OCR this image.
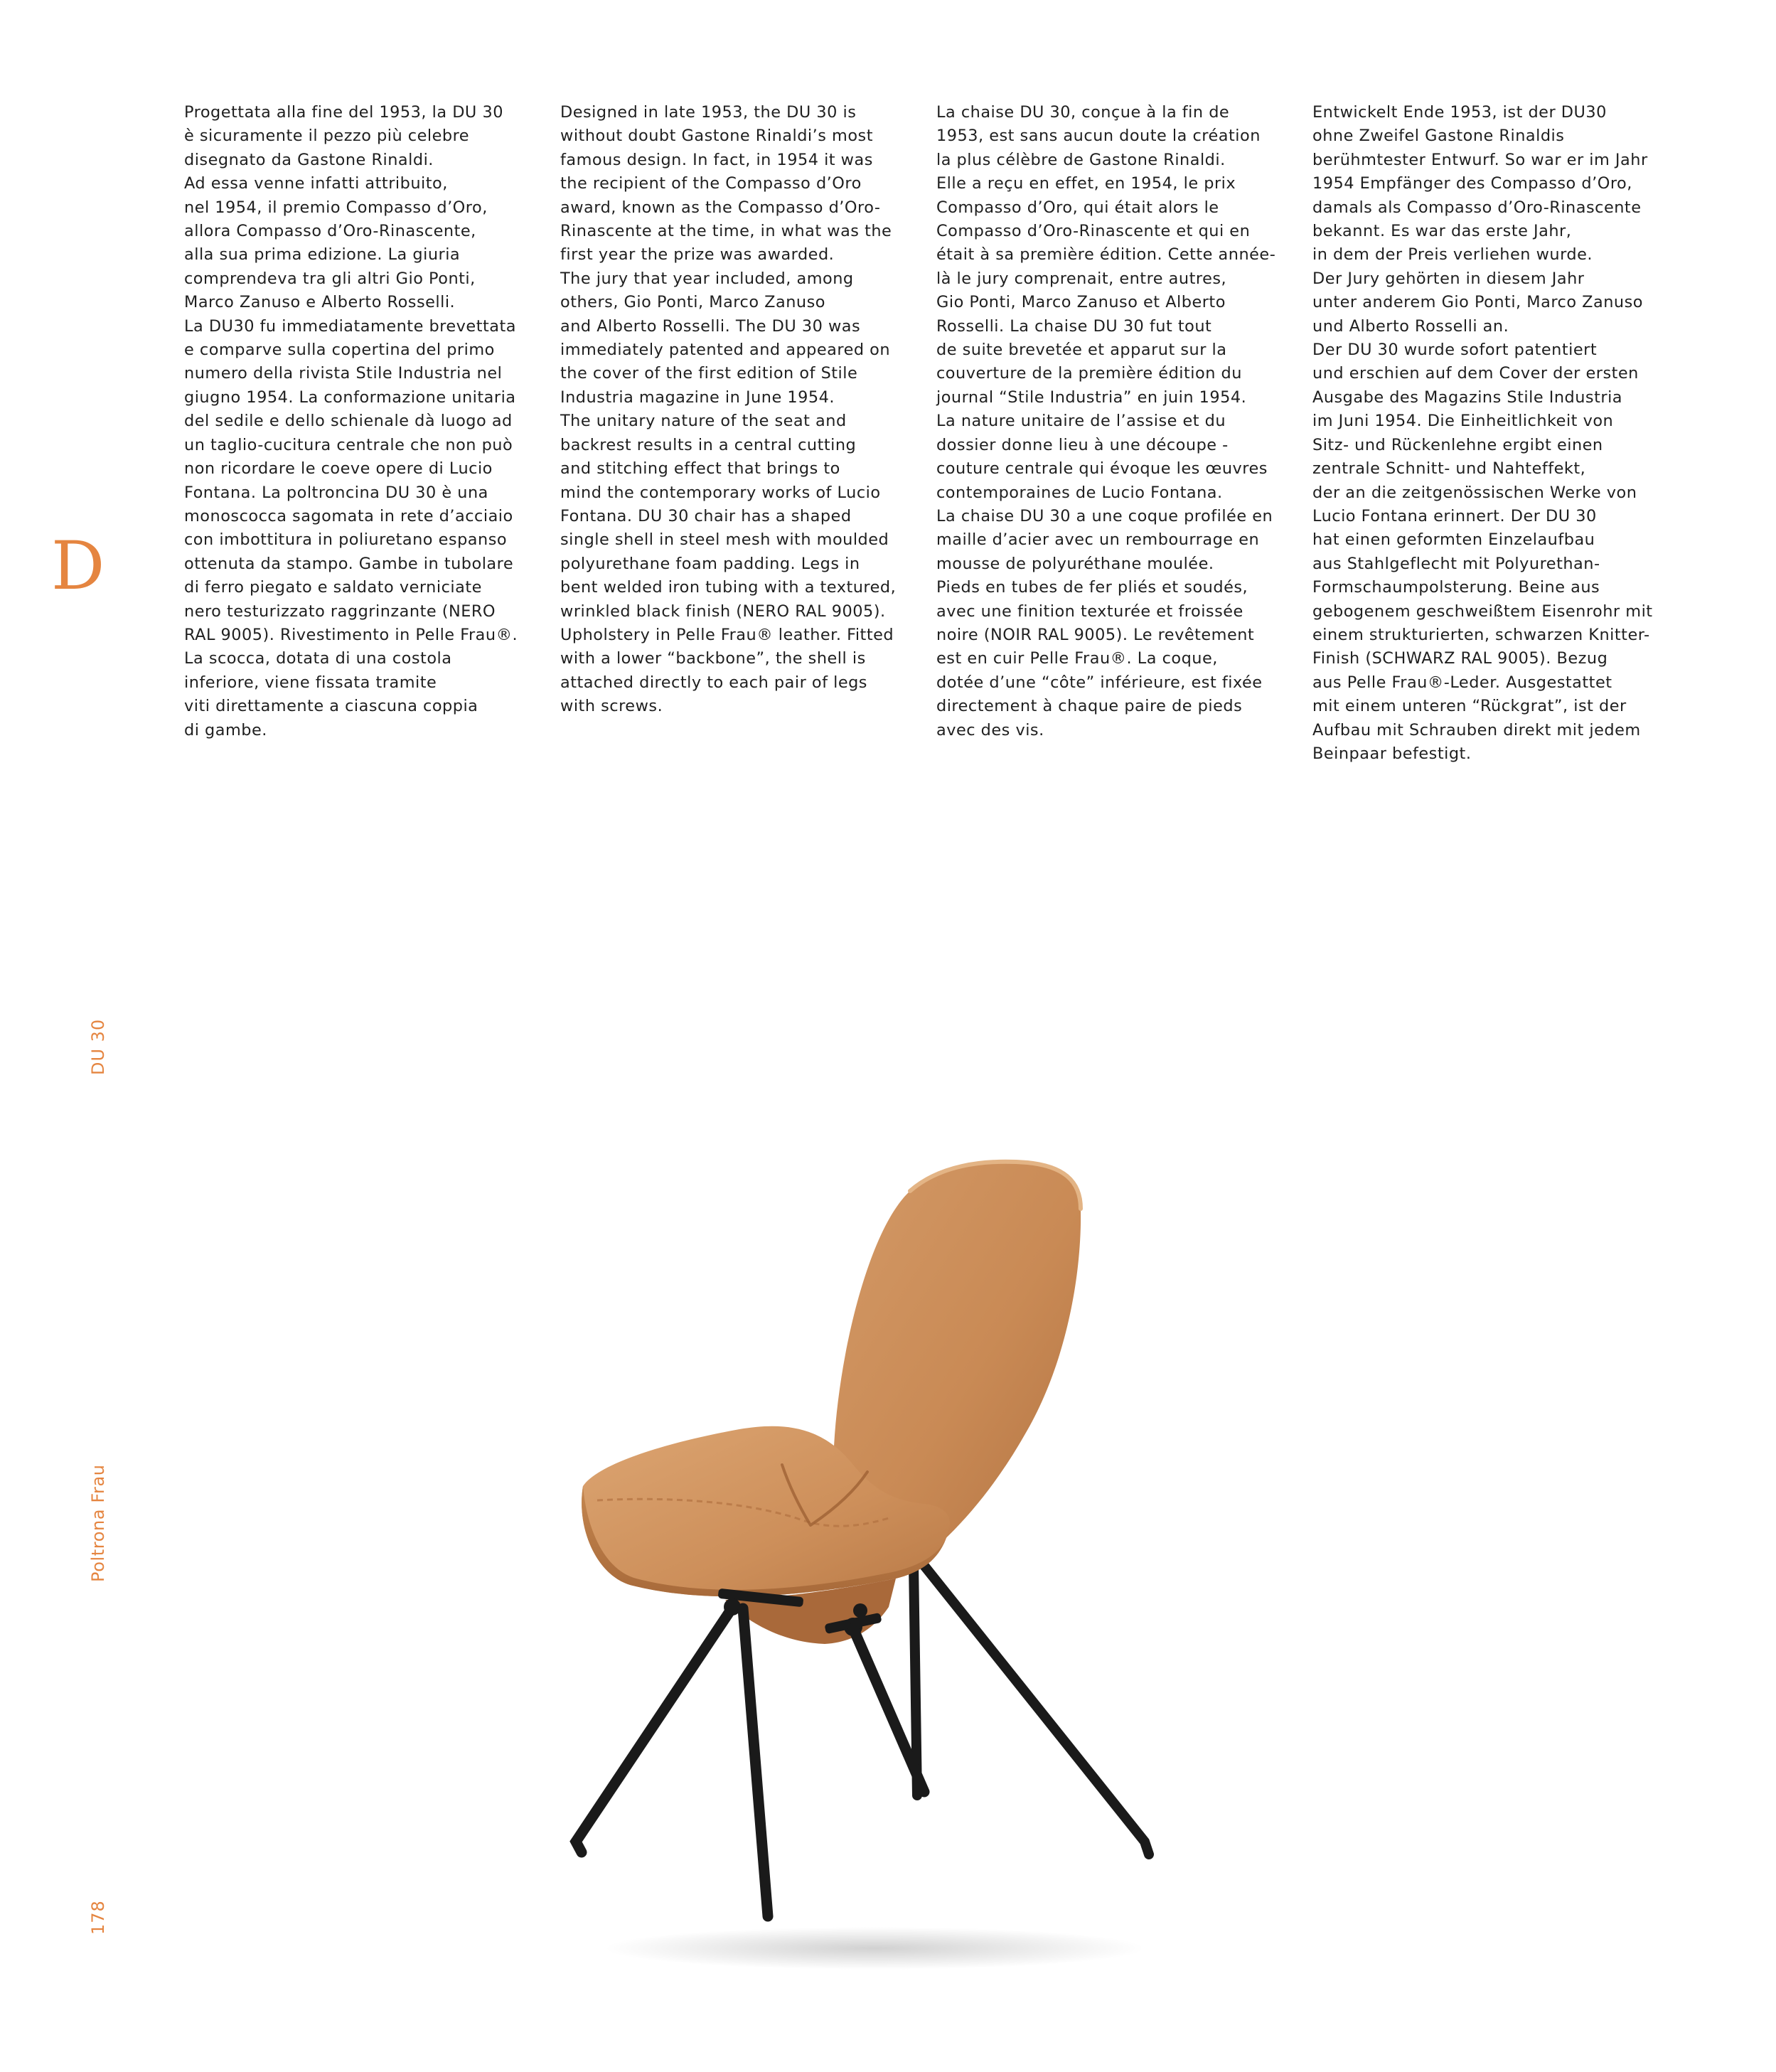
D

Progettata alla fine del 1953, la DU 30

è sicuramente il pezzo più celebre

disegnato da Gastone Rinaldi.

Ad essa venne infatti attribuito,

nel 1954, il premio Compasso d’Oro,

allora Compasso d’Oro-Rinascente,

alla sua prima edizione. La giuria

comprendeva tra gli altri Gio Ponti,

Marco Zanuso e Alberto Rosselli.

La DU30 fu immediatamente brevettata

e comparve sulla copertina del primo

numero della rivista Stile Industria nel

giugno 1954. La conformazione unitaria

del sedile e dello schienale dà luogo ad

un taglio-cucitura centrale che non può

non ricordare le coeve opere di Lucio

Fontana. La poltroncina DU 30 è una

monoscocca sagomata in rete d’acciaio

con imbottitura in poliuretano espanso

ottenuta da stampo. Gambe in tubolare

di ferro piegato e saldato verniciate

nero testurizzato raggrinzante (NERO

RAL 9005). Rivestimento in Pelle Frau®.

La scocca, dotata di una costola

inferiore, viene fissata tramite

viti direttamente a ciascuna coppia

di gambe.

Designed in late 1953, the DU 30 is

without doubt Gastone Rinaldi’s most

famous design. In fact, in 1954 it was

the recipient of the Compasso d’Oro

award, known as the Compasso d’Oro-

Rinascente at the time, in what was the

first year the prize was awarded.

The jury that year included, among

others, Gio Ponti, Marco Zanuso

and Alberto Rosselli. The DU 30 was

immediately patented and appeared on

the cover of the first edition of Stile

Industria magazine in June 1954.

The unitary nature of the seat and

backrest results in a central cutting

and stitching effect that brings to

mind the contemporary works of Lucio

Fontana. DU 30 chair has a shaped

single shell in steel mesh with moulded

polyurethane foam padding. Legs in

bent welded iron tubing with a textured,

wrinkled black finish (NERO RAL 9005).

Upholstery in Pelle Frau® leather. Fitted

with a lower “backbone”, the shell is

attached directly to each pair of legs

with screws.

La chaise DU 30, conçue à la fin de

1953, est sans aucun doute la création

la plus célèbre de Gastone Rinaldi.

Elle a reçu en effet, en 1954, le prix

Compasso d’Oro, qui était alors le

Compasso d’Oro-Rinascente et qui en

était à sa première édition. Cette année-

là le jury comprenait, entre autres,

Gio Ponti, Marco Zanuso et Alberto

Rosselli. La chaise DU 30 fut tout

de suite brevetée et apparut sur la

couverture de la première édition du

journal “Stile Industria” en juin 1954.

La nature unitaire de l’assise et du

dossier donne lieu à une découpe -

couture centrale qui évoque les œuvres

contemporaines de Lucio Fontana.

La chaise DU 30 a une coque profilée en

maille d’acier avec un rembourrage en

mousse de polyuréthane moulée.

Pieds en tubes de fer pliés et soudés,

avec une finition texturée et froissée

noire (NOIR RAL 9005). Le revêtement

est en cuir Pelle Frau®. La coque,

dotée d’une “côte” inférieure, est fixée

directement à chaque paire de pieds

avec des vis.

Entwickelt Ende 1953, ist der DU30

ohne Zweifel Gastone Rinaldis

berühmtester Entwurf. So war er im Jahr

1954 Empfänger des Compasso d’Oro,

damals als Compasso d’Oro-Rinascente

bekannt. Es war das erste Jahr,

in dem der Preis verliehen wurde.

Der Jury gehörten in diesem Jahr

unter anderem Gio Ponti, Marco Zanuso

und Alberto Rosselli an.

Der DU 30 wurde sofort patentiert

und erschien auf dem Cover der ersten

Ausgabe des Magazins Stile Industria

im Juni 1954. Die Einheitlichkeit von

Sitz- und Rückenlehne ergibt einen

zentrale Schnitt- und Nahteffekt,

der an die zeitgenössischen Werke von

Lucio Fontana erinnert. Der DU 30

hat einen geformten Einzelaufbau

aus Stahlgeflecht mit Polyurethan-

Formschaumpolsterung. Beine aus

gebogenem geschweißtem Eisenrohr mit

einem strukturierten, schwarzen Knitter-

Finish (SCHWARZ RAL 9005). Bezug

aus Pelle Frau®-Leder. Ausgestattet

mit einem unteren “Rückgrat”, ist der

Aufbau mit Schrauben direkt mit jedem

Beinpaar befestigt.

DU 30
Poltrona Frau
178
